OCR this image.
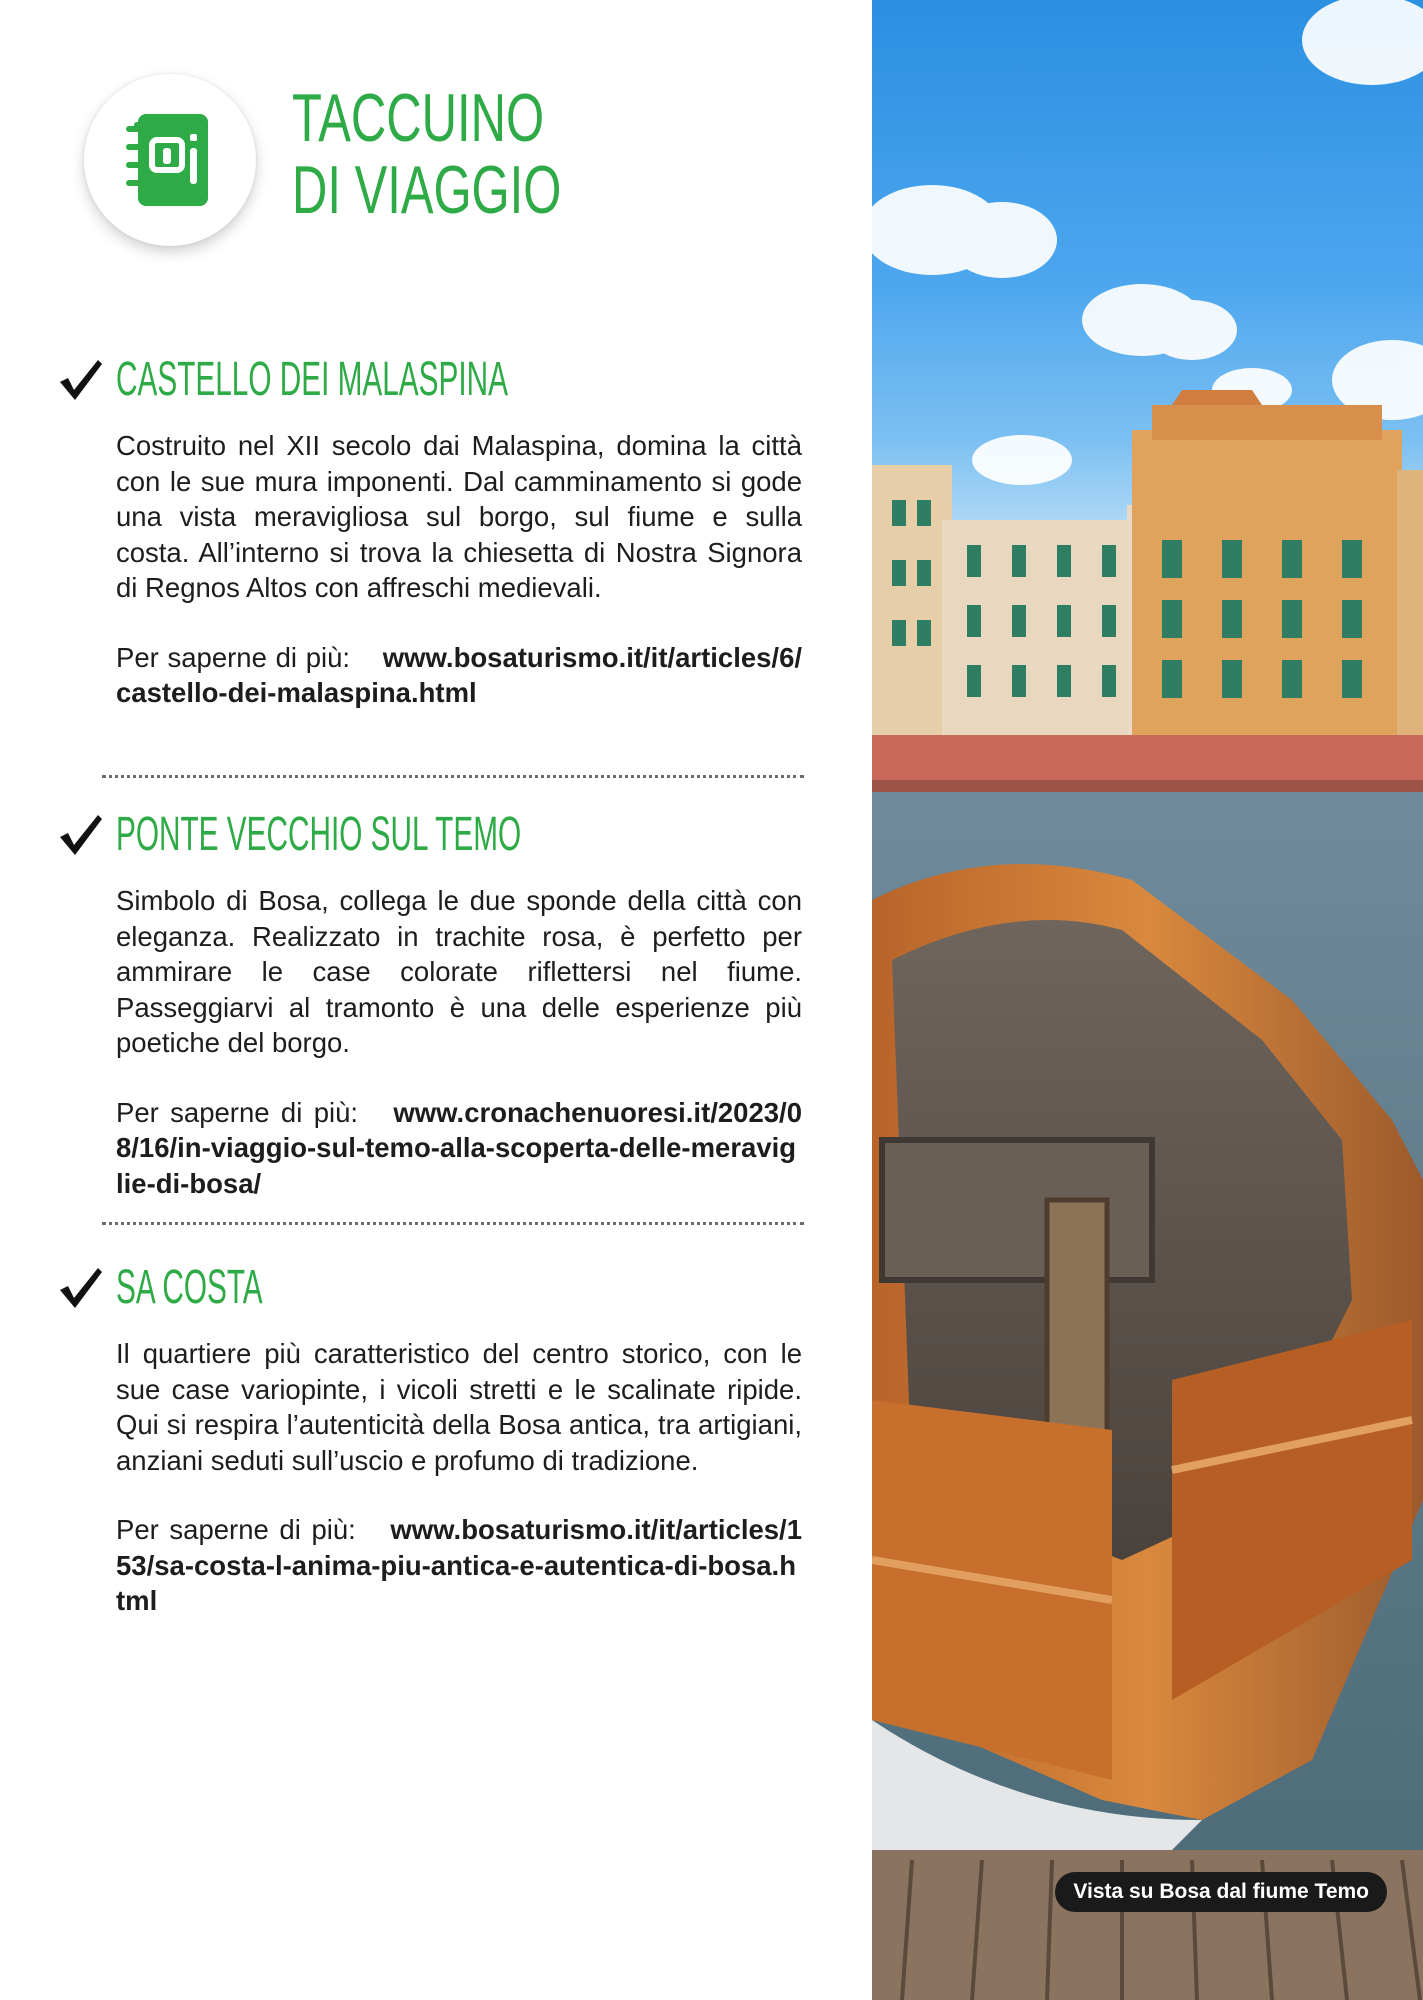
TACCUINO
DI VIAGGIO
CASTELLO DEI MALASPINA

Costruito nel XII secolo dai Malaspina, domina la città con le sue mura imponenti. Dal camminamento si gode una vista meravigliosa sul borgo, sul fiume e sulla costa. All’interno si trova la chiesetta di Nostra Signora di Regnos Altos con affreschi medievali.

Per saperne di più: www.bosaturismo.it/it/articles/6/castello-dei-malaspina.html

PONTE VECCHIO SUL TEMO

Simbolo di Bosa, collega le due sponde della città con eleganza. Realizzato in trachite rosa, è perfetto per ammirare le case colorate riflettersi nel fiume. Passeggiarvi al tramonto è una delle esperienze più poetiche del borgo.

Per saperne di più: www.cronachenuoresi.it/2023/08/16/in-viaggio-sul-temo-alla-scoperta-delle-meraviglie-di-bosa/

SA COSTA

Il quartiere più caratteristico del centro storico, con le sue case variopinte, i vicoli stretti e le scalinate ripide. Qui si respira l’autenticità della Bosa antica, tra artigiani, anziani seduti sull’uscio e profumo di tradizione.

Per saperne di più: www.bosaturismo.it/it/articles/153/sa-costa-l-anima-piu-antica-e-autentica-di-bosa.html

Vista su Bosa dal fiume Temo
